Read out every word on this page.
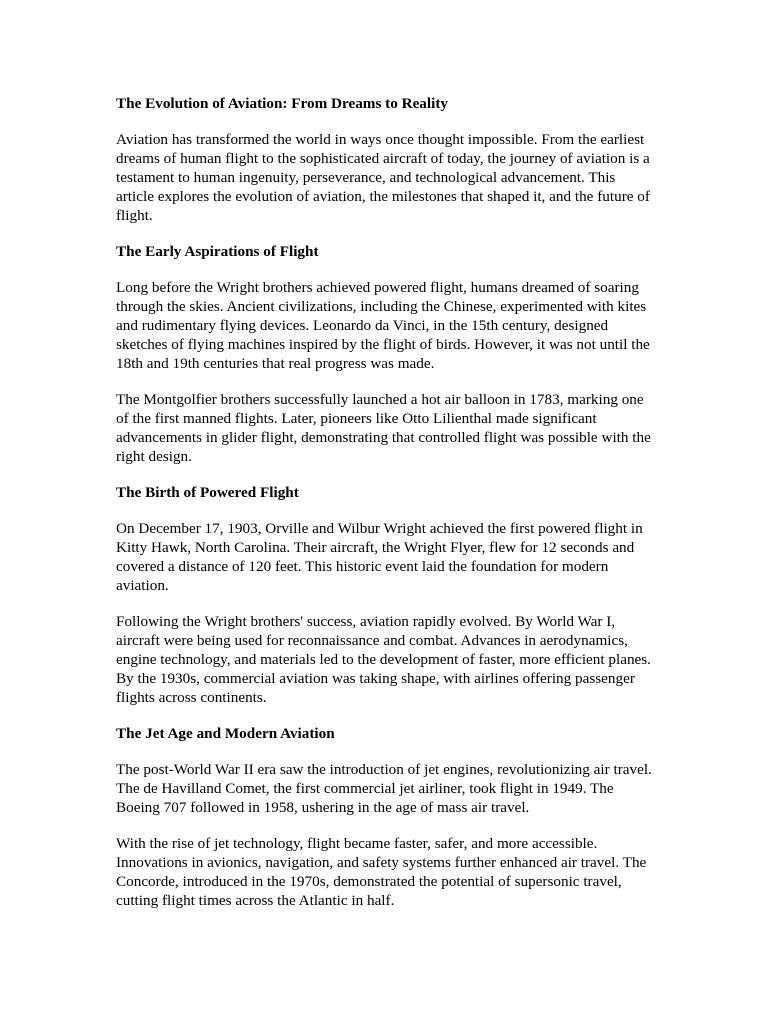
The Evolution of Aviation: From Dreams to Reality

Aviation has transformed the world in ways once thought impossible. From the earliest dreams of human flight to the sophisticated aircraft of today, the journey of aviation is a testament to human ingenuity, perseverance, and technological advancement. This article explores the evolution of aviation, the milestones that shaped it, and the future of flight.

The Early Aspirations of Flight

Long before the Wright brothers achieved powered flight, humans dreamed of soaring through the skies. Ancient civilizations, including the Chinese, experimented with kites and rudimentary flying devices. Leonardo da Vinci, in the 15th century, designed sketches of flying machines inspired by the flight of birds. However, it was not until the 18th and 19th centuries that real progress was made.

The Montgolfier brothers successfully launched a hot air balloon in 1783, marking one of the first manned flights. Later, pioneers like Otto Lilienthal made significant advancements in glider flight, demonstrating that controlled flight was possible with the right design.

The Birth of Powered Flight

On December 17, 1903, Orville and Wilbur Wright achieved the first powered flight in Kitty Hawk, North Carolina. Their aircraft, the Wright Flyer, flew for 12 seconds and covered a distance of 120 feet. This historic event laid the foundation for modern aviation.

Following the Wright brothers' success, aviation rapidly evolved. By World War I, aircraft were being used for reconnaissance and combat. Advances in aerodynamics, engine technology, and materials led to the development of faster, more efficient planes. By the 1930s, commercial aviation was taking shape, with airlines offering passenger flights across continents.

The Jet Age and Modern Aviation

The post-World War II era saw the introduction of jet engines, revolutionizing air travel. The de Havilland Comet, the first commercial jet airliner, took flight in 1949. The Boeing 707 followed in 1958, ushering in the age of mass air travel.

With the rise of jet technology, flight became faster, safer, and more accessible. Innovations in avionics, navigation, and safety systems further enhanced air travel. The Concorde, introduced in the 1970s, demonstrated the potential of supersonic travel, cutting flight times across the Atlantic in half.
